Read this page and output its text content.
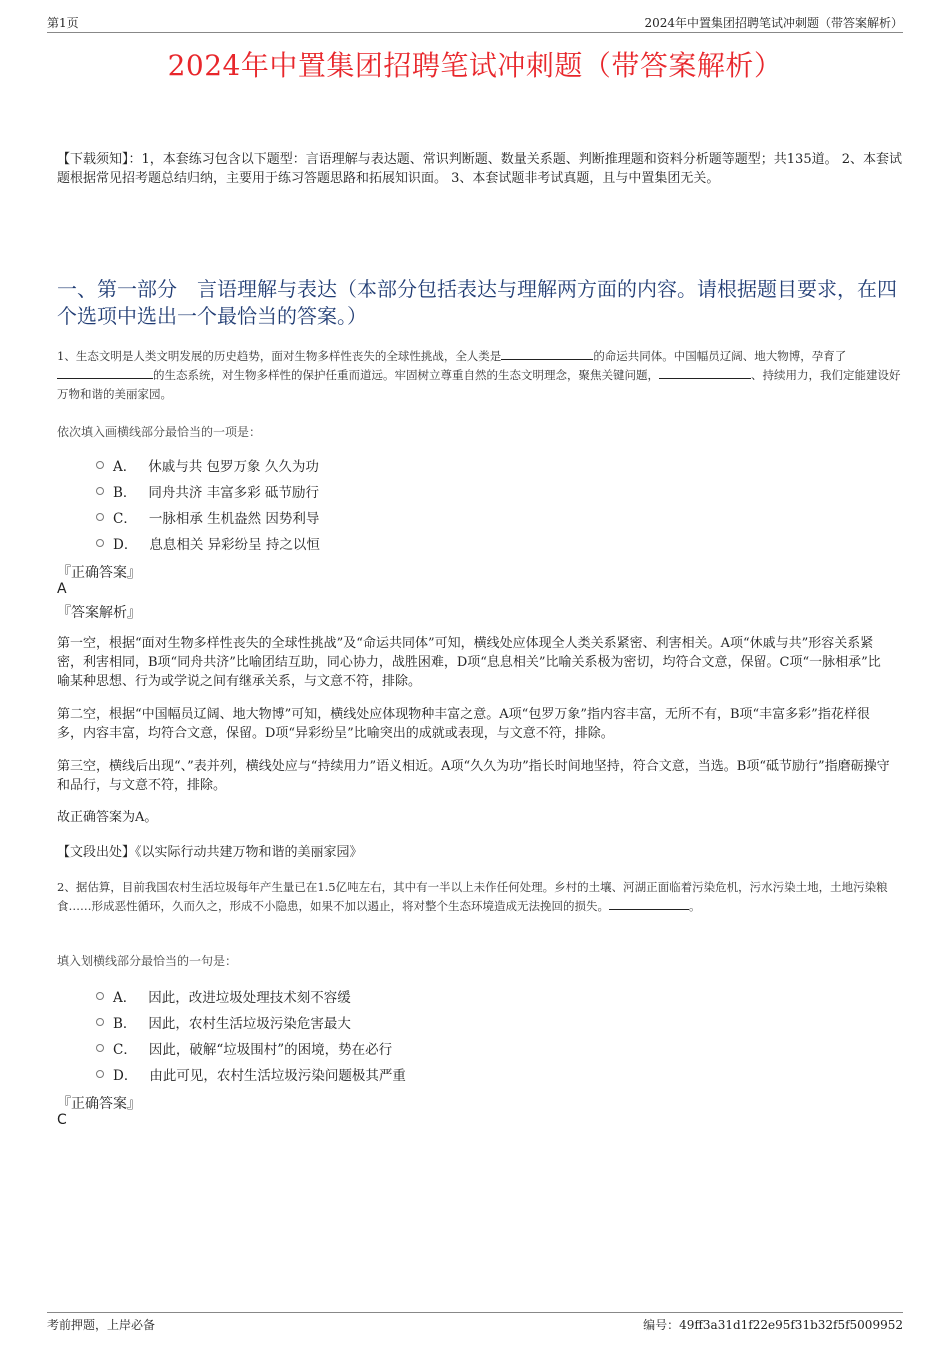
第1页	2024年中置集团招聘笔试冲刺题（带答案解析）
2024年中置集团招聘笔试冲刺题（带答案解析）
【下载须知】：1，本套练习包含以下题型：言语理解与表达题、常识判断题、数量关系题、判断推理题和资料分析题等题型；共135道。 2、本套试题根据常见招考题总结归纳，主要用于练习答题思路和拓展知识面。 3、本套试题非考试真题，且与中置集团无关。
一、第一部分　言语理解与表达（本部分包括表达与理解两方面的内容。请根据题目要求，在四个选项中选出一个最恰当的答案。）
1、生态文明是人类文明发展的历史趋势，面对生物多样性丧失的全球性挑战，全人类是	的命运共同体。中国幅员辽阔、地大物博，孕育了的生态系统，对生物多样性的保护任重而道远。牢固树立尊重自然的生态文明理念，聚焦关键问题，	、持续用力，我们定能建设好万物和谐的美丽家园。
依次填入画横线部分最恰当的一项是：
A． 休戚与共 包罗万象 久久为功
B． 同舟共济 丰富多彩 砥节励行
C． 一脉相承 生机盎然 因势利导
D． 息息相关 异彩纷呈 持之以恒
『正确答案』
A
『答案解析』
第一空，根据“面对生物多样性丧失的全球性挑战”及“命运共同体”可知，横线处应体现全人类关系紧密、利害相关。A项“休戚与共”形容关系紧密，利害相同，B项“同舟共济”比喻团结互助，同心协力，战胜困难，D项“息息相关”比喻关系极为密切，均符合文意，保留。C项“一脉相承”比喻某种思想、行为或学说之间有继承关系，与文意不符，排除。
第二空，根据“中国幅员辽阔、地大物博”可知，横线处应体现物种丰富之意。A项“包罗万象”指内容丰富，无所不有，B项“丰富多彩”指花样很多，内容丰富，均符合文意，保留。D项“异彩纷呈”比喻突出的成就或表现，与文意不符，排除。
第三空，横线后出现“、”表并列，横线处应与“持续用力”语义相近。A项“久久为功”指长时间地坚持，符合文意，当选。B项“砥节励行”指磨砺操守和品行，与文意不符，排除。
故正确答案为A。
【文段出处】《以实际行动共建万物和谐的美丽家园》
2、据估算，目前我国农村生活垃圾每年产生量已在1.5亿吨左右，其中有一半以上未作任何处理。乡村的土壤、河湖正面临着污染危机，污水污染土地，土地污染粮食……形成恶性循环，久而久之，形成不小隐患，如果不加以遏止，将对整个生态环境造成无法挽回的损失。	。
填入划横线部分最恰当的一句是：
A． 因此，改进垃圾处理技术刻不容缓
B． 因此，农村生活垃圾污染危害最大
C． 因此，破解“垃圾围村”的困境，势在必行
D． 由此可见，农村生活垃圾污染问题极其严重
『正确答案』
C
考前押题，上岸必备	编号：49ff3a31d1f22e95f31b32f5f5009952
